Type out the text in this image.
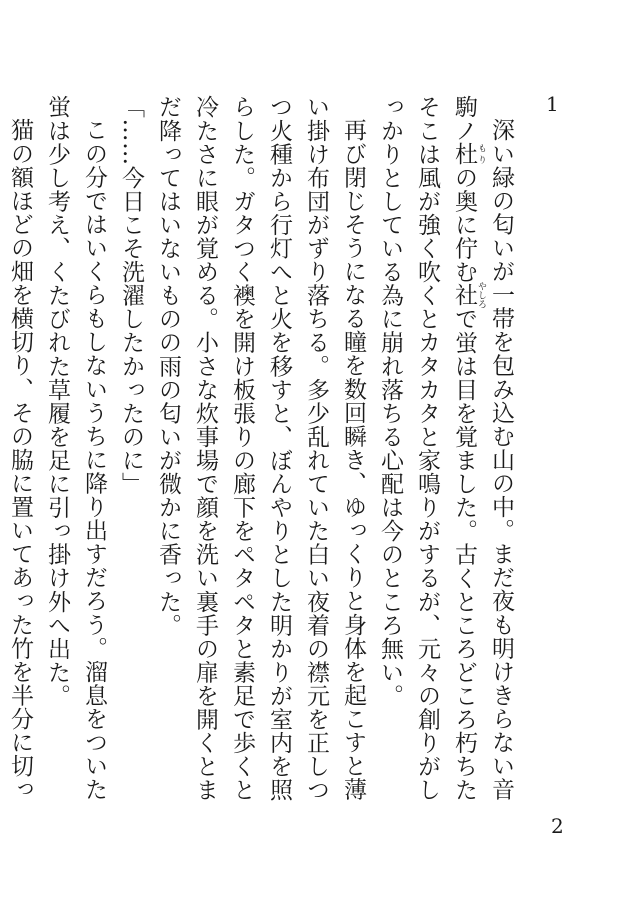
1

深い緑の匂いが一帯を包み込む山の中。まだ夜も明けきらない音駒ノ杜 もりの奥に佇む社 やしろで蛍は目を覚ました。古くところどころ朽ちたそこは風が強く吹くとカタカタと家鳴りがするが、元々の創りがしっかりとしている為に崩れ落ちる心配は今のところ無い。

再び閉じそうになる瞳を数回瞬き、ゆっくりと身体を起こすと薄い掛け布団がずり落ちる。多少乱れていた白い夜着の襟元を正しつつ火種から行灯へと火を移すと、ぼんやりとした明かりが室内を照らした。ガタつく襖を開け板張りの廊下をペタペタと素足で歩くと冷たさに眼が覚める。小さな炊事場で顔を洗い裏手の扉を開くとまだ降ってはいないものの雨の匂いが微かに香った。

「……今日こそ洗濯したかったのに」

この分ではいくらもしないうちに降り出すだろう。溜息をついた蛍は少し考え、くたびれた草履を足に引っ掛け外へ出た。

猫の額ほどの畑を横切り、その脇に置いてあった竹を半分に切っ

2
